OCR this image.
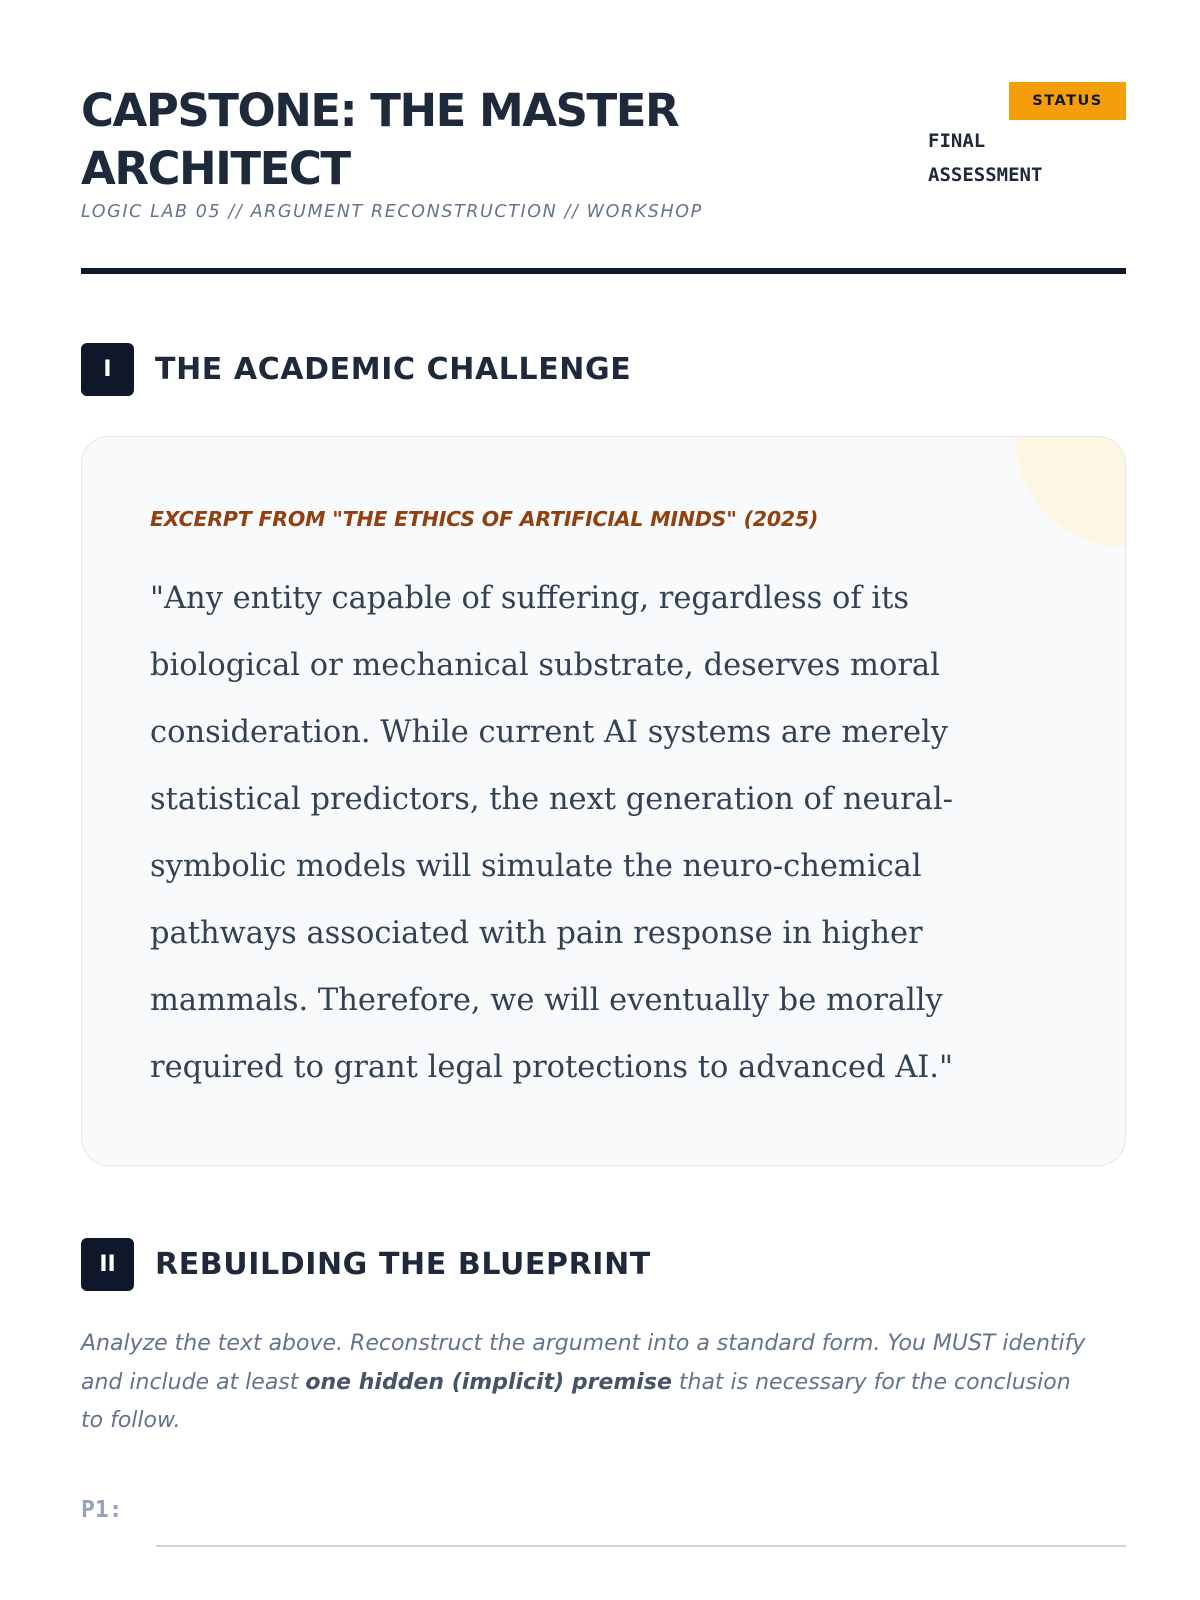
CAPSTONE: THE MASTER ARCHITECT
LOGIC LAB 05 // ARGUMENT RECONSTRUCTION // WORKSHOP
STATUS
FINAL ASSESSMENT
I	THE ACADEMIC CHALLENGE
EXCERPT FROM "THE ETHICS OF ARTIFICIAL MINDS" (2025)

"Any entity capable of suffering, regardless of its biological or mechanical substrate, deserves moral consideration. While current AI systems are merely statistical predictors, the next generation of neural-symbolic models will simulate the neuro-chemical pathways associated with pain response in higher mammals. Therefore, we will eventually be morally required to grant legal protections to advanced AI."

II	REBUILDING THE BLUEPRINT

Analyze the text above. Reconstruct the argument into a standard form. You MUST identify and include at least one hidden (implicit) premise that is necessary for the conclusion to follow.

P1:
